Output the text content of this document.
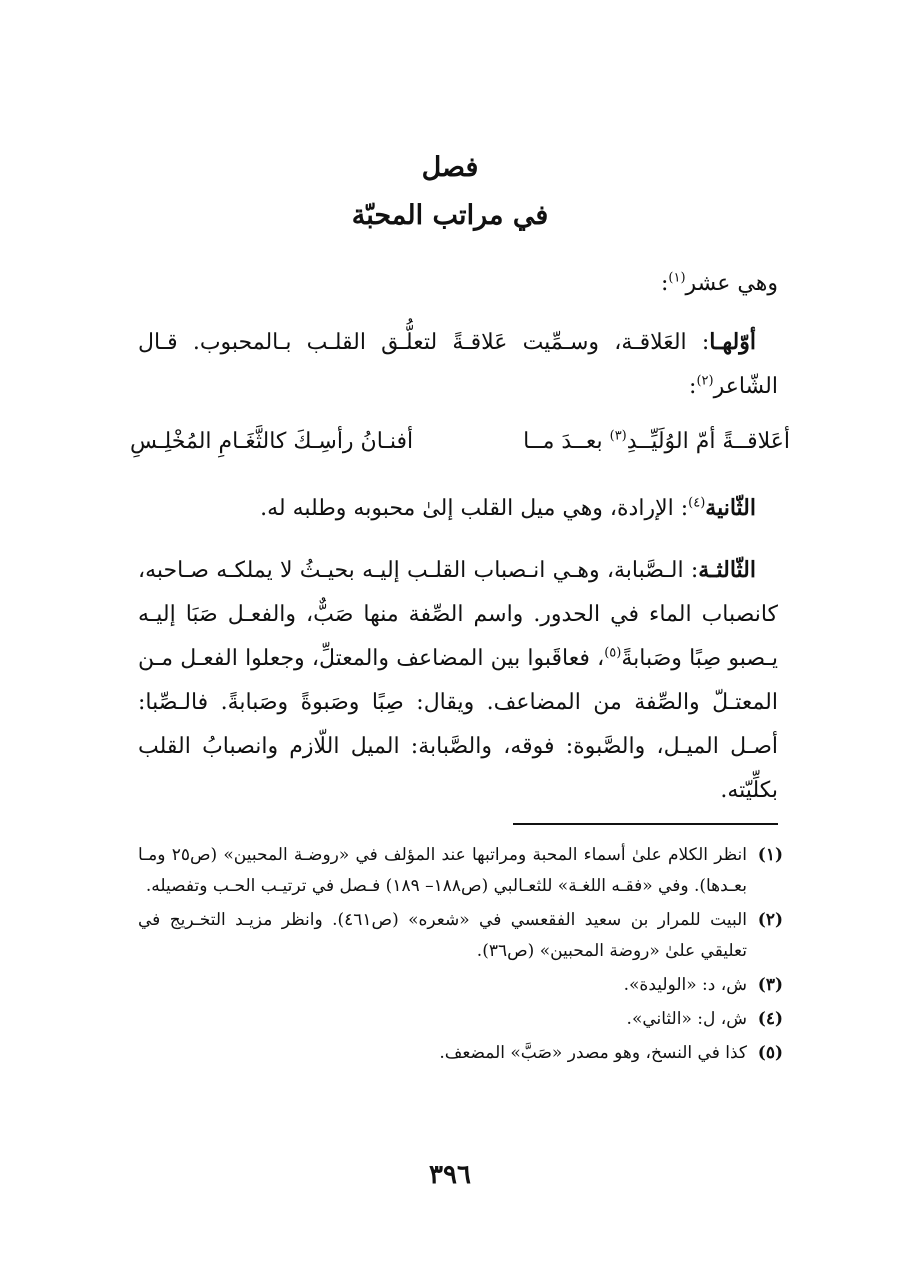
فصل
في مراتب المحبّة
وهي عشر$^{(١)}$:
أوّلهـا: العَلاقـة، وسـمِّيت عَلاقـةً لتعلُّـق القلـب بـالمحبوب. قـال الشّاعر$^{(٢)}$:
أعَلاقــةً أمّ الوُلَيِّــدِ$^{(٣)}$ بعــدَ مــا
أفنـانُ رأسِـكَ كالثَّغَـامِ المُخْلِـسِ
الثّانية$^{(٤)}$: الإرادة، وهي ميل القلب إلىٰ محبوبه وطلبه له.
الثّالثـة: الـصَّبابة، وهـي انـصباب القلـب إليـه بحيـثُ لا يملكـه صـاحبه، كانصباب الماء في الحدور. واسم الصِّفة منها صَبٌّ، والفعـل صَبَا إليـه يـصبو صِبًا وصَبابةً$^{(٥)}$، فعاقَبوا بين المضاعف والمعتلِّ، وجعلوا الفعـل مـن المعتـلّ والصِّفة من المضاعف. ويقال: صِبًا وصَبوةً وصَبابةً. فالـصِّبا: أصـل الميـل، والصَّبوة: فوقه، والصَّبابة: الميل اللّازم وانصبابُ القلب بكلِّيّته.
(١)
انظر الكلام علىٰ أسماء المحبة ومراتبها عند المؤلف في «روضـة المحبين» (ص٢٥ ومـا بعـدها). وفي «فقـه اللغـة» للثعـالبي (ص١٨٨– ١٨٩) فـصل في ترتيـب الحـب وتفصيله.
(٢)
البيت للمرار بن سعيد الفقعسي في «شعره» (ص٤٦١). وانظر مزيـد التخـريج في تعليقي علىٰ «روضة المحبين» (ص٣٦).
(٣)
ش، د: «الوليدة».
(٤)
ش، ل: «الثاني».
(٥)
كذا في النسخ، وهو مصدر «صَبَّ» المضعف.
٣٩٦
